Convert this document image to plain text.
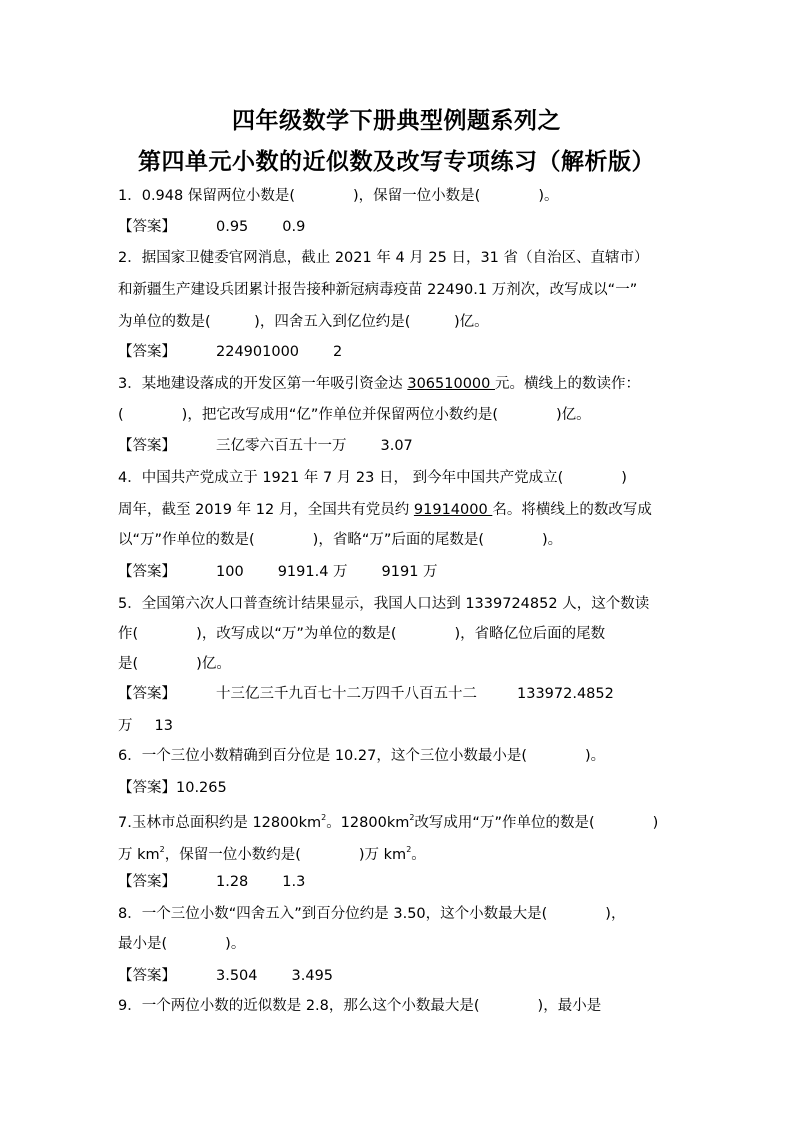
四年级数学下册典型例题系列之
第四单元小数的近似数及改写专项练习（解析版）
1．0.948 保留两位小数是(　　　　)，保留一位小数是(　　　　)。
【答案】	0.95 0.9
2．据国家卫健委官网消息，截止 2021 年 4 月 25 日，31 省（自治区、直辖市）
和新疆生产建设兵团累计报告接种新冠病毒疫苗 22490.1 万剂次，改写成以“一”
为单位的数是(　　　)，四舍五入到亿位约是(　　　)亿。
【答案】	224901000 2
3．某地建设落成的开发区第一年吸引资金达 306510000 元。横线上的数读作：
(　　　　)，把它改写成用“亿”作单位并保留两位小数约是(　　　　)亿。
【答案】	三亿零六百五十一万 3.07
4．中国共产党成立于 1921 年 7 月 23 日， 到今年中国共产党成立(　　　　)
周年，截至 2019 年 12 月，全国共有党员约 91914000 名。将横线上的数改写成
以“万”作单位的数是(　　　　)，省略“万”后面的尾数是(　　　　)。
【答案】	100 9191.4 万 9191 万
5．全国第六次人口普查统计结果显示，我国人口达到 1339724852 人，这个数读
作(　　　　)，改写成以“万”为单位的数是(　　　　)，省略亿位后面的尾数
是(　　　　)亿。
【答案】	十三亿三千九百七十二万四千八百五十二	133972.4852
万 13
6．一个三位小数精确到百分位是 10.27，这个三位小数最小是(　　　　)。
【答案】10.265
7.玉林市总面积约是 $12800km^2$。$12800km^2$改写成用“万”作单位的数是(　　　　)
万 $km^2$，保留一位小数约是(　　　　)万 $km^2$。
【答案】	1.28 1.3
8．一个三位小数“四舍五入”到百分位约是 3.50，这个小数最大是(　　　　)，
最小是(　　　　)。
【答案】	3.504 3.495
9．一个两位小数的近似数是 2.8，那么这个小数最大是(　　　　)，最小是
